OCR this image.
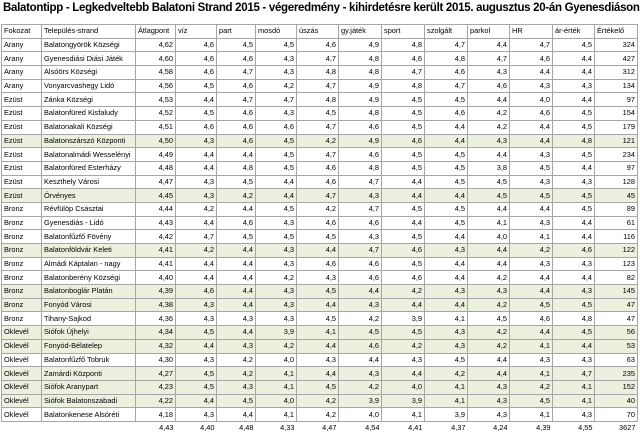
Balatontipp - Legkedveltebb Balatoni Strand 2015 - végeredmény - kihirdetésre került 2015. augusztus 20-án Gyenesdiáson
Fokozat	Település-strand	Átlagpont	víz	part	mosdó	úszás	gy.játék	sport	szolgált	parkol	HR	ár-érték	Értékelő
Arany	Balatongyörök Községi	4,62	4,6	4,5	4,5	4,6	4,9	4,8	4,7	4,4	4,7	4,5	324
Arany	Gyenesdiási Diási Játék	4,60	4,6	4,6	4,3	4,7	4,8	4,6	4,8	4,7	4,6	4,4	427
Arany	Alsóörs Községi	4,58	4,6	4,7	4,3	4,8	4,8	4,7	4,6	4,3	4,4	4,4	312
Arany	Vonyarcvashegy Lidó	4,56	4,5	4,6	4,2	4,7	4,9	4,8	4,7	4,6	4,3	4,3	134
Ezüst	Zánka Községi	4,53	4,4	4,7	4,7	4,8	4,9	4,5	4,5	4,4	4,0	4,4	97
Ezüst	Balatonfüred Kisfaludy	4,52	4,5	4,6	4,3	4,5	4,8	4,5	4,6	4,2	4,6	4,5	154
Ezüst	Balatonakali Községi	4,51	4,6	4,6	4,6	4,7	4,6	4,5	4,4	4,2	4,4	4,5	179
Ezüst	Balatonszárszó Központi	4,50	4,3	4,6	4,5	4,2	4,9	4,6	4,4	4,3	4,4	4,8	121
Ezüst	Balatonalmádi Wesselényi	4,49	4,4	4,4	4,5	4,7	4,6	4,5	4,5	4,4	4,3	4,5	234
Ezüst	Balatonfüred Esterházy	4,48	4,4	4,8	4,5	4,6	4,8	4,5	4,5	3,8	4,5	4,4	97
Ezüst	Keszthely Városi	4,47	4,3	4,5	4,4	4,6	4,7	4,4	4,5	4,5	4,3	4,3	128
Ezüst	Örvényes	4,45	4,3	4,2	4,4	4,7	4,3	4,4	4,4	4,5	4,5	4,5	45
Bronz	Révfülöp Császtai	4,44	4,2	4,4	4,5	4,2	4,7	4,5	4,5	4,4	4,4	4,5	89
Bronz	Gyenesdiás - Lidó	4,43	4,4	4,6	4,3	4,6	4,6	4,4	4,5	4,1	4,3	4,4	61
Bronz	Balatonfűzfő Fövény	4,42	4,7	4,5	4,5	4,5	4,3	4,5	4,4	4,0	4,1	4,4	116
Bronz	Balatonföldvár Keleti	4,41	4,2	4,4	4,3	4,4	4,7	4,6	4,3	4,4	4,2	4,6	122
Bronz	Almádi Káptalan - nagy	4,41	4,4	4,4	4,3	4,6	4,6	4,5	4,4	4,4	4,3	4,3	123
Bronz	Balatonberény Községi	4,40	4,4	4,4	4,2	4,3	4,6	4,6	4,4	4,2	4,4	4,4	82
Bronz	Balatonboglár Platán	4,39	4,6	4,4	4,3	4,5	4,4	4,2	4,3	4,3	4,4	4,3	145
Bronz	Fonyód Városi	4,38	4,3	4,4	4,3	4,4	4,3	4,4	4,4	4,2	4,5	4,5	47
Bronz	Tihany-Sajkod	4,36	4,3	4,3	4,3	4,5	4,2	3,9	4,1	4,5	4,6	4,8	47
Oklevél	Siófok Újhelyi	4,34	4,5	4,4	3,9	4,1	4,5	4,5	4,3	4,2	4,4	4,5	56
Oklevél	Fonyód-Bélatelep	4,32	4,4	4,3	4,2	4,4	4,6	4,2	4,3	4,2	4,1	4,4	53
Oklevél	Balatonfűzfő Tobruk	4,30	4,3	4,2	4,0	4,3	4,4	4,3	4,5	4,4	4,3	4,3	63
Oklevél	Zamárdi Központi	4,27	4,5	4,2	4,1	4,4	4,3	4,4	4,2	4,4	4,1	4,7	235
Oklevél	Siófok Aranypart	4,23	4,5	4,3	4,1	4,5	4,2	4,0	4,1	4,3	4,2	4,1	152
Oklevél	Siófok Balatonszabadi	4,22	4,4	4,5	4,0	4,2	3,9	3,9	4,1	4,3	4,5	4,1	40
Oklevél	Balatonkenese Alsóréti	4,18	4,3	4,4	4,1	4,2	4,0	4,1	3,9	4,3	4,1	4,3	70
		4,43	4,40	4,48	4,33	4,47	4,54	4,41	4,37	4,24	4,39	4,55	3627
